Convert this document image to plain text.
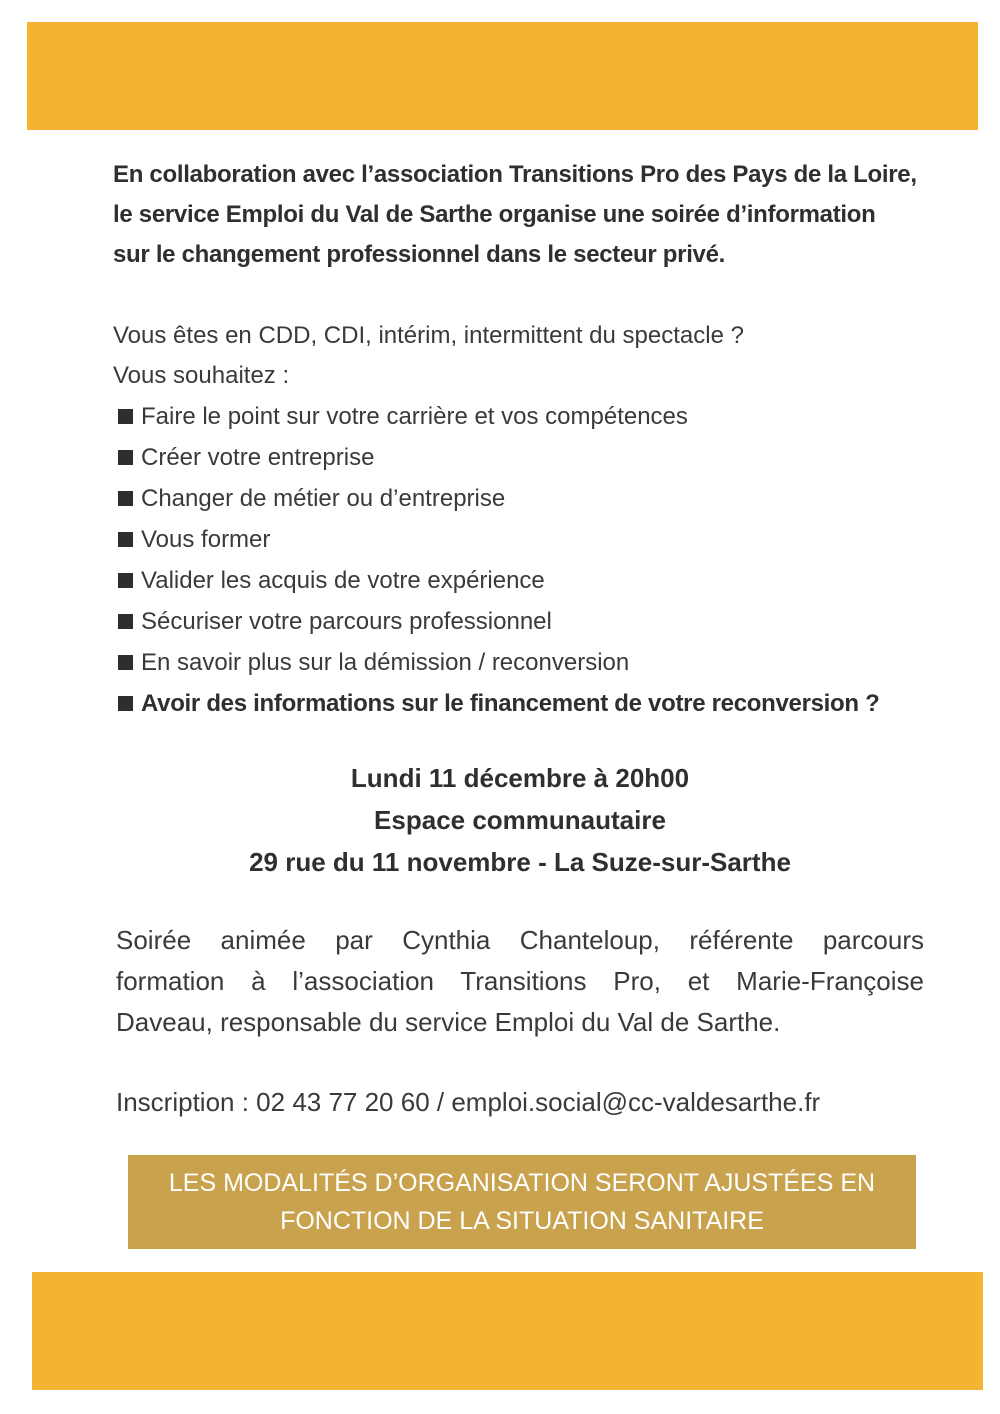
En collaboration avec l’association Transitions Pro des Pays de la Loire,

le service Emploi du Val de Sarthe organise une soirée d’information

sur le changement professionnel dans le secteur privé.

Vous êtes en CDD, CDI, intérim, intermittent du spectacle ?

Vous souhaitez :

Faire le point sur votre carrière et vos compétences
Créer votre entreprise
Changer de métier ou d’entreprise
Vous former
Valider les acquis de votre expérience
Sécuriser votre parcours professionnel
En savoir plus sur la démission / reconversion
Avoir des informations sur le financement de votre reconversion ?

Lundi 11 décembre à 20h00

Espace communautaire

29 rue du 11 novembre - La Suze-sur-Sarthe

Soirée animée par Cynthia Chanteloup, référente parcours
formation à l’association Transitions Pro, et Marie-Françoise
Daveau, responsable du service Emploi du Val de Sarthe.
Inscription : 02 43 77 20 60 / emploi.social@cc-valdesarthe.fr
LES MODALITÉS D’ORGANISATION SERONT AJUSTÉES EN
FONCTION DE LA SITUATION SANITAIRE
